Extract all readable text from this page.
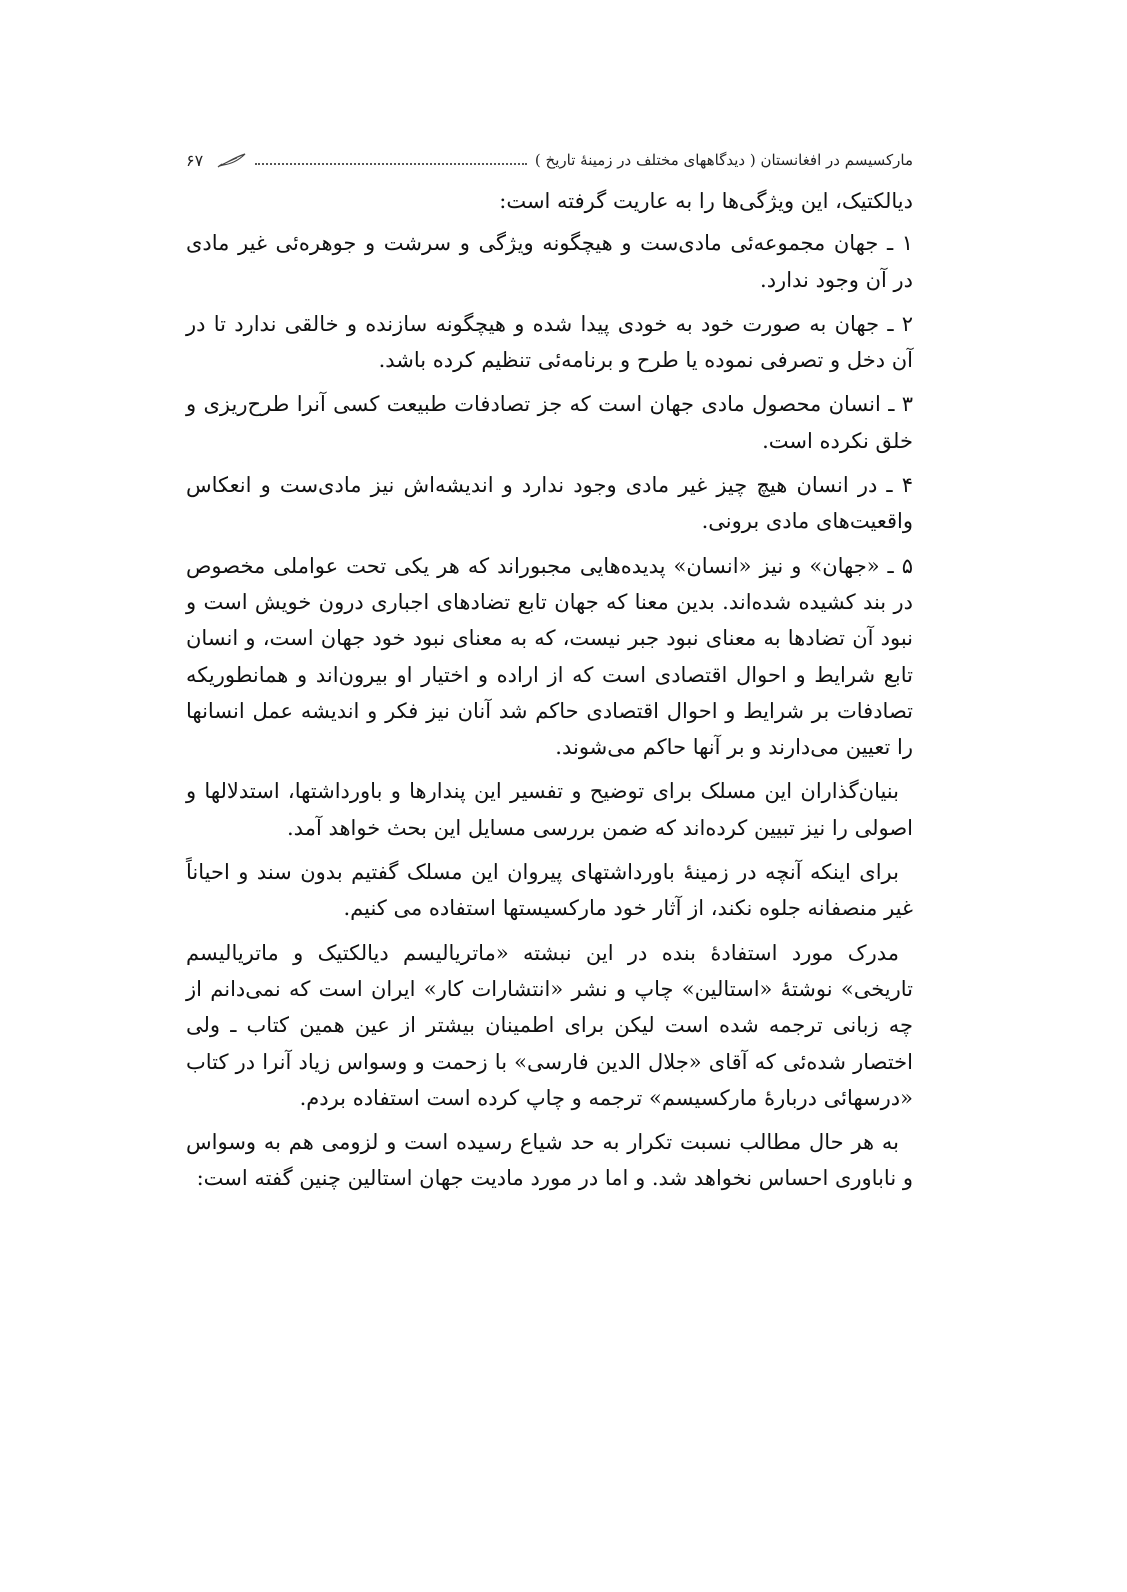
مارکسیسم در افغانستان ( دیدگاههای مختلف در زمینۀ تاریخ )
۶۷

دیالکتیک، این ویژگی‌ها را به عاریت گرفته است:

۱ ـ جهان مجموعه‌ئی مادی‌ست و هیچگونه ویژگی و سرشت و جوهره‌ئی غیر مادی در آن وجود ندارد.

۲ ـ جهان به صورت خود به خودی پیدا شده و هیچگونه سازنده و خالقی ندارد تا در آن دخل و تصرفی نموده یا طرح و برنامه‌ئی تنظیم کرده باشد.

۳ ـ انسان محصول مادی جهان است که جز تصادفات طبیعت کسی آنرا طرح‌ریزی و خلق نکرده است.

۴ ـ در انسان هیچ چیز غیر مادی وجود ندارد و اندیشه‌اش نیز مادی‌ست و انعکاس واقعیت‌های مادی برونی.

۵ ـ «جهان» و نیز «انسان» پدیده‌هایی مجبوراند که هر یکی تحت عواملی مخصوص در بند کشیده شده‌اند. بدین معنا که جهان تابع تضادهای اجباری درون خویش است و نبود آن تضادها به معنای نبود جبر نیست، که به معنای نبود خود جهان است، و انسان تابع شرایط و احوال اقتصادی است که از اراده و اختیار او بیرون‌اند و همانطوریکه تصادفات بر شرایط و احوال اقتصادی حاکم شد آنان نیز فکر و اندیشه عمل انسانها را تعیین می‌دارند و بر آنها حاکم می‌شوند.

بنیان‌گذاران این مسلک برای توضیح و تفسیر این پندارها و باورداشتها، استدلالها و اصولی را نیز تبیین کرده‌اند که ضمن بررسی مسایل این بحث خواهد آمد.

برای اینکه آنچه در زمینۀ باورداشتهای پیروان این مسلک گفتیم بدون سند و احیاناً غیر منصفانه جلوه نکند، از آثار خود مارکسیستها استفاده می کنیم.

مدرک مورد استفادۀ بنده در این نبشته «ماتریالیسم دیالکتیک و ماتریالیسم تاریخی» نوشتۀ «استالین» چاپ و نشر «انتشارات کار» ایران است که نمی‌دانم از چه زبانی ترجمه شده است لیکن برای اطمینان بیشتر از عین همین کتاب ـ ولی اختصار شده‌ئی که آقای «جلال الدین فارسی» با زحمت و وسواس زیاد آنرا در کتاب «درسهائی دربارۀ مارکسیسم» ترجمه و چاپ کرده است استفاده بردم.

به هر حال مطالب نسبت تکرار به حد شیاع رسیده است و لزومی هم به وسواس و ناباوری احساس نخواهد شد. و اما در مورد مادیت جهان استالین چنین گفته است:
